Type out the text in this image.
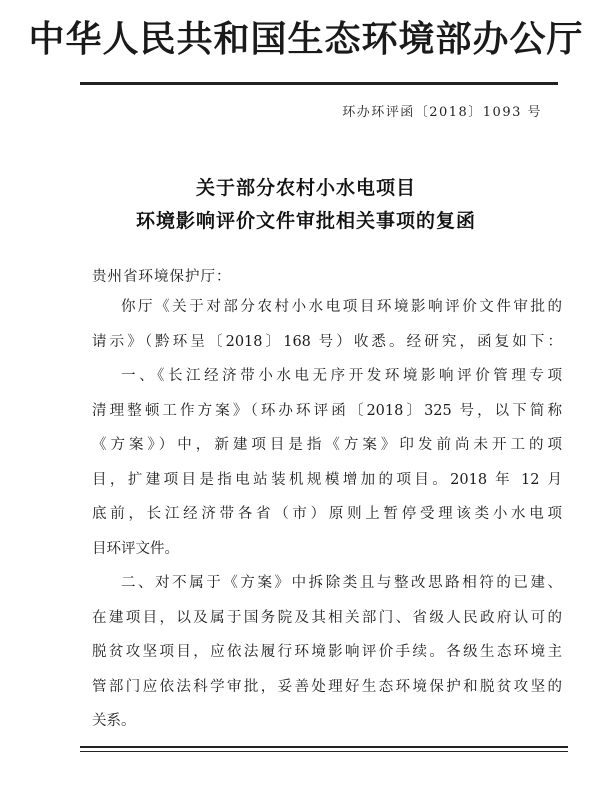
中华人民共和国生态环境部办公厅
环办环评函〔2018〕1093 号
关于部分农村小水电项目
环境影响评价文件审批相关事项的复函
贵州省环境保护厅：
你厅《关于对部分农村小水电项目环境影响评价文件审批的
请示》（黔环呈〔2018〕168 号）收悉。经研究，函复如下：
一、《长江经济带小水电无序开发环境影响评价管理专项
清理整顿工作方案》（环办环评函〔2018〕325 号，以下简称
《方案》）中，新建项目是指《方案》印发前尚未开工的项
目，扩建项目是指电站装机规模增加的项目。2018 年 12 月
底前，长江经济带各省（市）原则上暂停受理该类小水电项
目环评文件。
二、对不属于《方案》中拆除类且与整改思路相符的已建、
在建项目，以及属于国务院及其相关部门、省级人民政府认可的
脱贫攻坚项目，应依法履行环境影响评价手续。各级生态环境主
管部门应依法科学审批，妥善处理好生态环境保护和脱贫攻坚的
关系。
